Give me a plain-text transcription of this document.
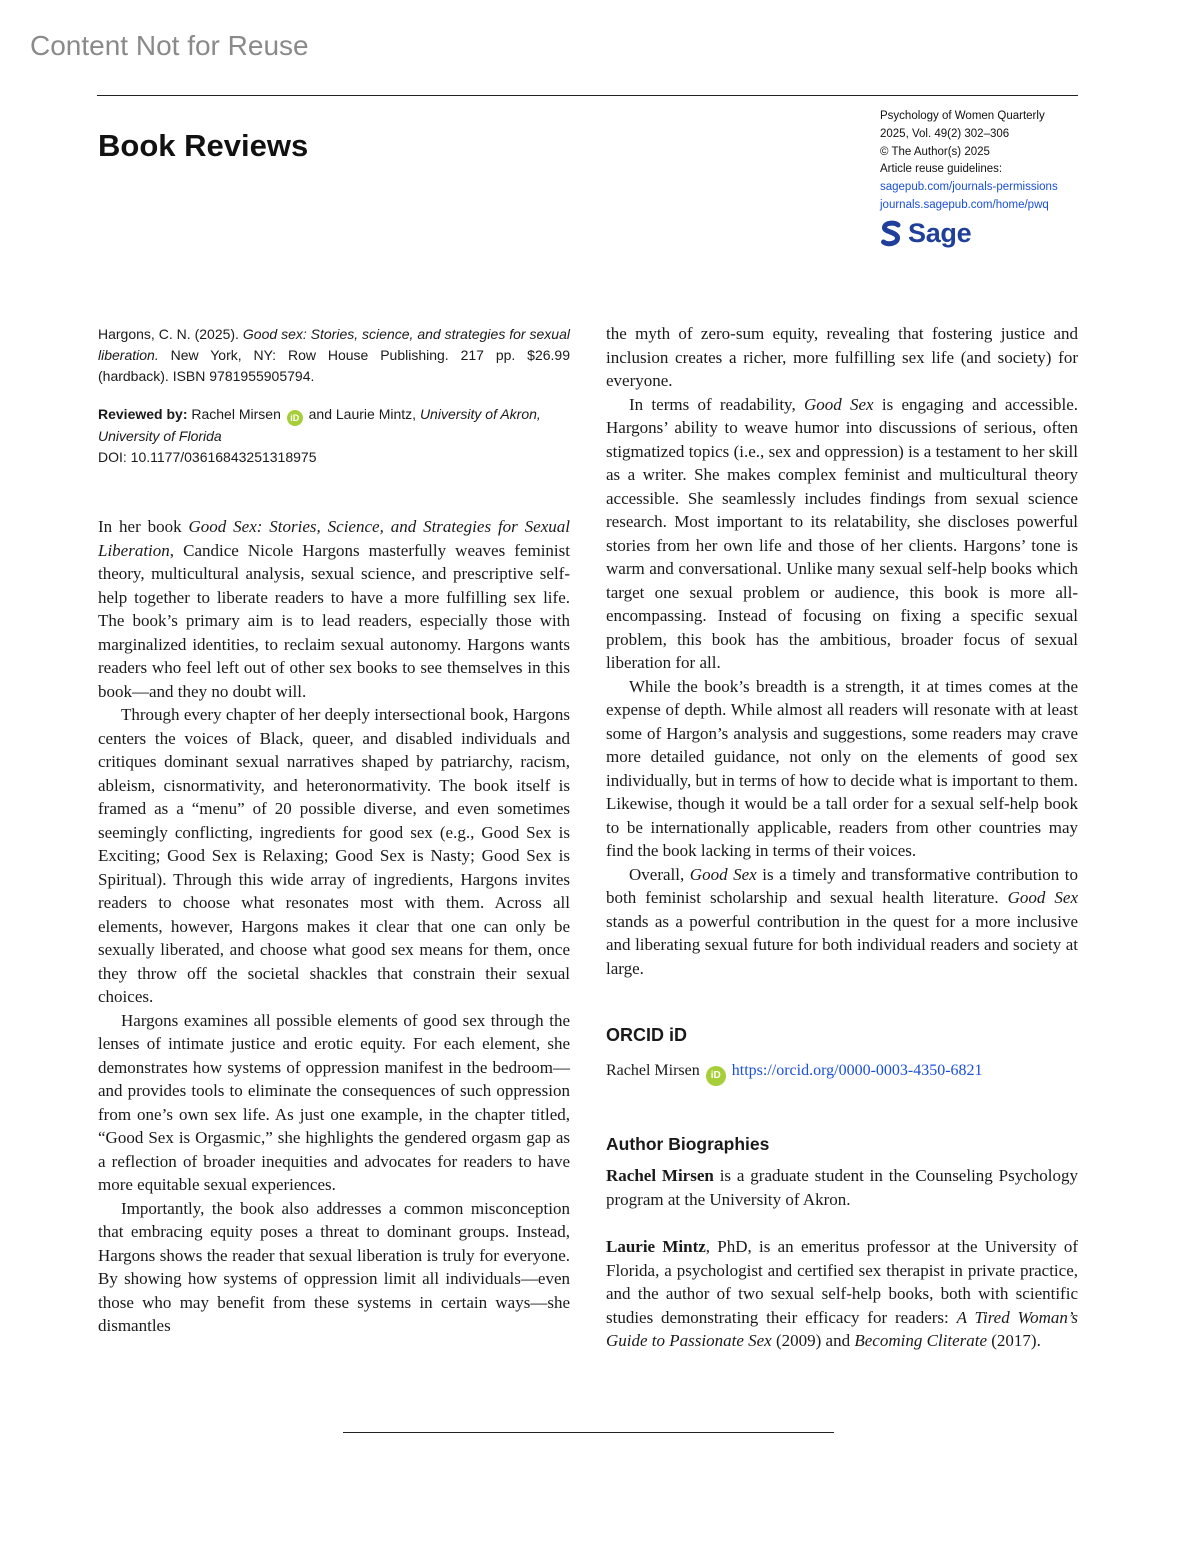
Content Not for Reuse
Book Reviews
Psychology of Women Quarterly
2025, Vol. 49(2) 302–306
© The Author(s) 2025
Article reuse guidelines:
sagepub.com/journals-permissions
journals.sagepub.com/home/pwq
Sage

Hargons, C. N. (2025). Good sex: Stories, science, and strategies for sexual liberation. New York, NY: Row House Publishing. 217 pp. $26.99 (hardback). ISBN 9781955905794.

Reviewed by: Rachel Mirsen iD and Laurie Mintz, University of Akron, University of Florida

DOI: 10.1177/03616843251318975

In her book Good Sex: Stories, Science, and Strategies for Sexual Liberation, Candice Nicole Hargons masterfully weaves feminist theory, multicultural analysis, sexual science, and prescriptive self-help together to liberate readers to have a more fulfilling sex life. The book’s primary aim is to lead readers, especially those with marginalized identities, to reclaim sexual autonomy. Hargons wants readers who feel left out of other sex books to see themselves in this book—and they no doubt will.

Through every chapter of her deeply intersectional book, Hargons centers the voices of Black, queer, and disabled individuals and critiques dominant sexual narratives shaped by patriarchy, racism, ableism, cisnormativity, and heteronormativity. The book itself is framed as a “menu” of 20 possible diverse, and even sometimes seemingly conflicting, ingredients for good sex (e.g., Good Sex is Exciting; Good Sex is Relaxing; Good Sex is Nasty; Good Sex is Spiritual). Through this wide array of ingredients, Hargons invites readers to choose what resonates most with them. Across all elements, however, Hargons makes it clear that one can only be sexually liberated, and choose what good sex means for them, once they throw off the societal shackles that constrain their sexual choices.

Hargons examines all possible elements of good sex through the lenses of intimate justice and erotic equity. For each element, she demonstrates how systems of oppression manifest in the bedroom—and provides tools to eliminate the consequences of such oppression from one’s own sex life. As just one example, in the chapter titled, “Good Sex is Orgasmic,” she highlights the gendered orgasm gap as a reflection of broader inequities and advocates for readers to have more equitable sexual experiences.

Importantly, the book also addresses a common misconception that embracing equity poses a threat to dominant groups. Instead, Hargons shows the reader that sexual liberation is truly for everyone. By showing how systems of oppression limit all individuals—even those who may benefit from these systems in certain ways—she dismantles

the myth of zero-sum equity, revealing that fostering justice and inclusion creates a richer, more fulfilling sex life (and society) for everyone.

In terms of readability, Good Sex is engaging and accessible. Hargons’ ability to weave humor into discussions of serious, often stigmatized topics (i.e., sex and oppression) is a testament to her skill as a writer. She makes complex feminist and multicultural theory accessible. She seamlessly includes findings from sexual science research. Most important to its relatability, she discloses powerful stories from her own life and those of her clients. Hargons’ tone is warm and conversational. Unlike many sexual self-help books which target one sexual problem or audience, this book is more all-encompassing. Instead of focusing on fixing a specific sexual problem, this book has the ambitious, broader focus of sexual liberation for all.

While the book’s breadth is a strength, it at times comes at the expense of depth. While almost all readers will resonate with at least some of Hargon’s analysis and suggestions, some readers may crave more detailed guidance, not only on the elements of good sex individually, but in terms of how to decide what is important to them. Likewise, though it would be a tall order for a sexual self-help book to be internationally applicable, readers from other countries may find the book lacking in terms of their voices.

Overall, Good Sex is a timely and transformative contribution to both feminist scholarship and sexual health literature. Good Sex stands as a powerful contribution in the quest for a more inclusive and liberating sexual future for both individual readers and society at large.

ORCID iD

Rachel Mirsen iD https://orcid.org/0000-0003-4350-6821

Author Biographies

Rachel Mirsen is a graduate student in the Counseling Psychology program at the University of Akron.

Laurie Mintz, PhD, is an emeritus professor at the University of Florida, a psychologist and certified sex therapist in private practice, and the author of two sexual self-help books, both with scientific studies demonstrating their efficacy for readers: A Tired Woman’s Guide to Passionate Sex (2009) and Becoming Cliterate (2017).
